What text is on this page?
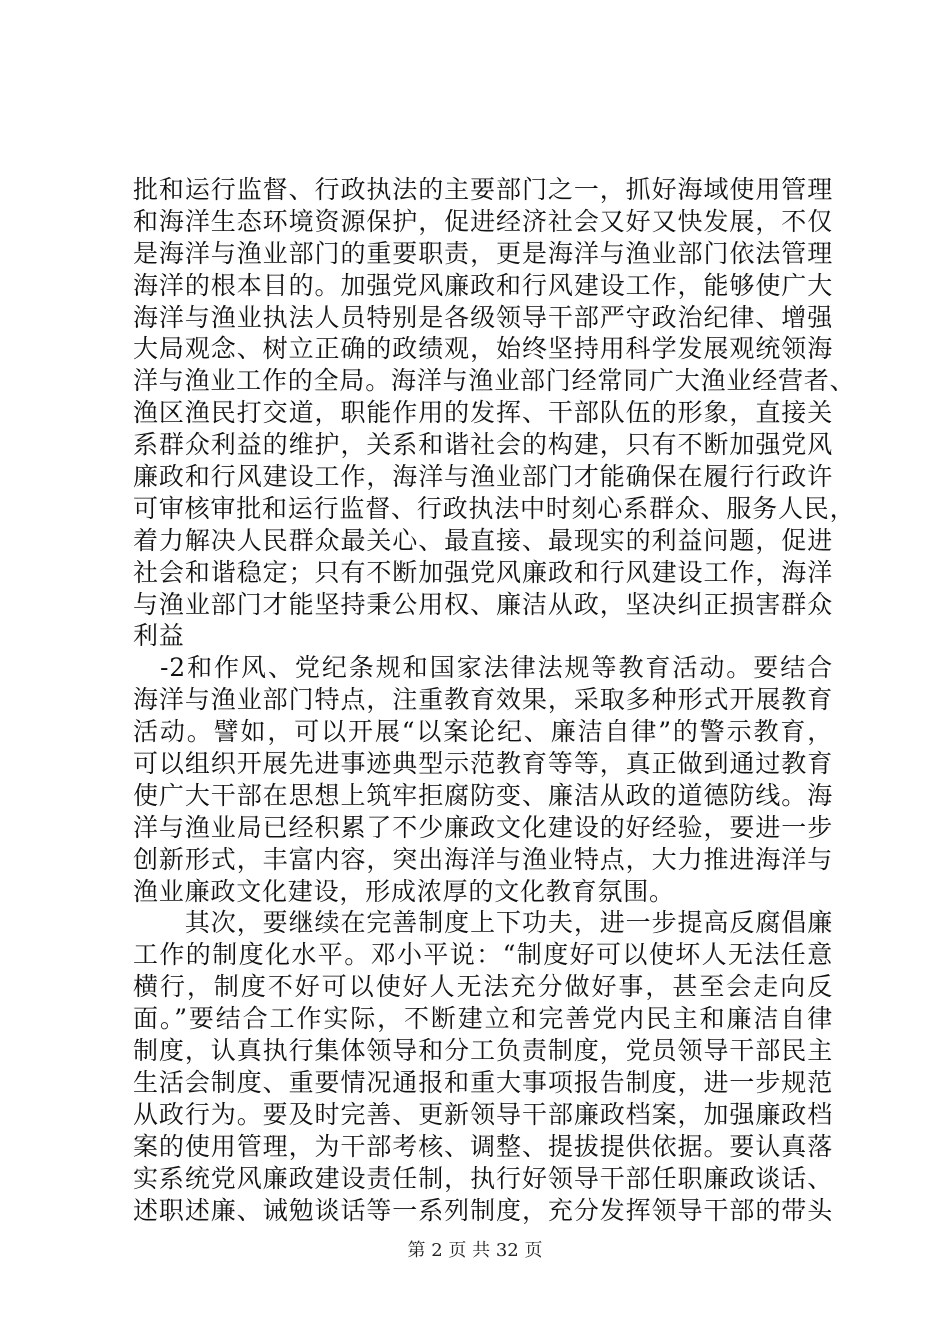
批和运行监督、行政执法的主要部门之一，抓好海域使用管理
和海洋生态环境资源保护，促进经济社会又好又快发展，不仅
是海洋与渔业部门的重要职责，更是海洋与渔业部门依法管理
海洋的根本目的。加强党风廉政和行风建设工作，能够使广大
海洋与渔业执法人员特别是各级领导干部严守政治纪律、增强
大局观念、树立正确的政绩观，始终坚持用科学发展观统领海
洋与渔业工作的全局。海洋与渔业部门经常同广大渔业经营者、
渔区渔民打交道，职能作用的发挥、干部队伍的形象，直接关
系群众利益的维护，关系和谐社会的构建，只有不断加强党风
廉政和行风建设工作，海洋与渔业部门才能确保在履行行政许
可审核审批和运行监督、行政执法中时刻心系群众、服务人民，
着力解决人民群众最关心、最直接、最现实的利益问题，促进
社会和谐稳定；只有不断加强党风廉政和行风建设工作，海洋
与渔业部门才能坚持秉公用权、廉洁从政，坚决纠正损害群众
利益
　-2和作风、党纪条规和国家法律法规等教育活动。要结合
海洋与渔业部门特点，注重教育效果，采取多种形式开展教育
活动。譬如，可以开展“以案论纪、廉洁自律”的警示教育，
可以组织开展先进事迹典型示范教育等等，真正做到通过教育
使广大干部在思想上筑牢拒腐防变、廉洁从政的道德防线。海
洋与渔业局已经积累了不少廉政文化建设的好经验，要进一步
创新形式，丰富内容，突出海洋与渔业特点，大力推进海洋与
渔业廉政文化建设，形成浓厚的文化教育氛围。
　　其次，要继续在完善制度上下功夫，进一步提高反腐倡廉
工作的制度化水平。邓小平说：“制度好可以使坏人无法任意
横行，制度不好可以使好人无法充分做好事，甚至会走向反
面。”要结合工作实际，不断建立和完善党内民主和廉洁自律
制度，认真执行集体领导和分工负责制度，党员领导干部民主
生活会制度、重要情况通报和重大事项报告制度，进一步规范
从政行为。要及时完善、更新领导干部廉政档案，加强廉政档
案的使用管理，为干部考核、调整、提拔提供依据。要认真落
实系统党风廉政建设责任制，执行好领导干部任职廉政谈话、
述职述廉、诫勉谈话等一系列制度，充分发挥领导干部的带头
第 2 页 共 32 页
